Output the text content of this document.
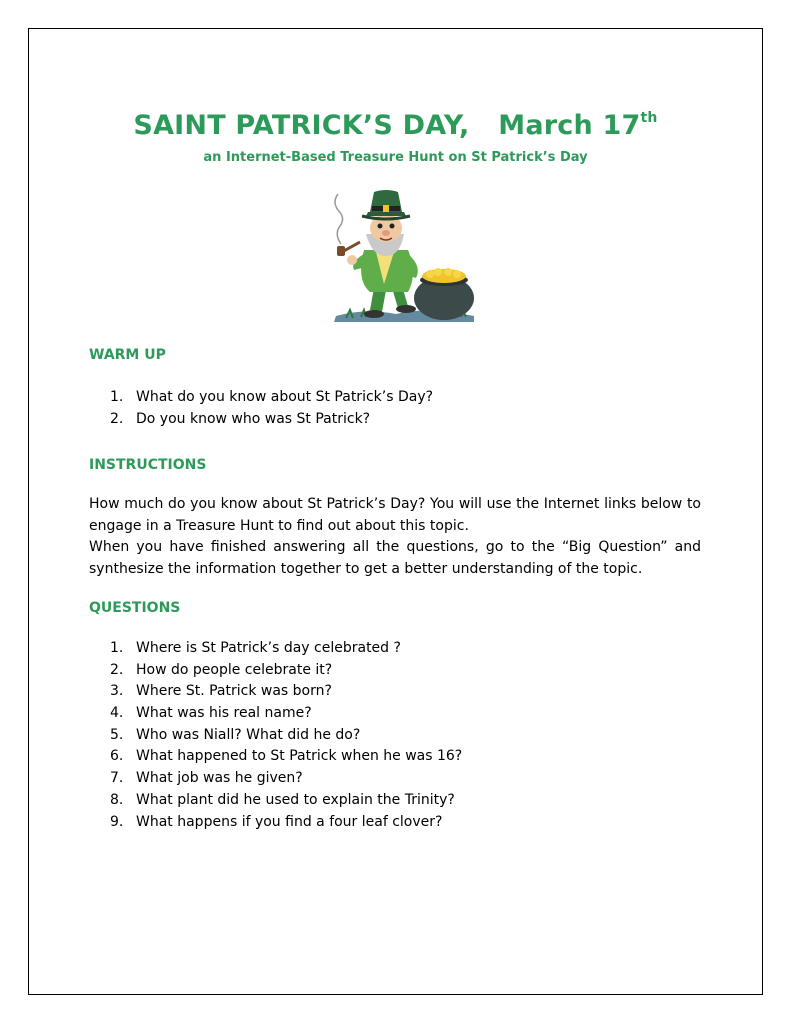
SAINT PATRICK’S DAY,   March 17th
an Internet-Based Treasure Hunt on St Patrick’s Day
WARM UP
1. What do you know about St Patrick’s Day?
2. Do you know who was St Patrick?
INSTRUCTIONS

How much do you know about St Patrick’s Day? You will use the Internet links below to engage in a Treasure Hunt to find out about this topic.

When you have finished answering all the questions, go to the “Big Question” and synthesize the information together to get a better understanding of the topic.

QUESTIONS
1. Where is St Patrick’s day celebrated ?
2. How do people celebrate it?
3. Where St. Patrick was born?
4. What was his real name?
5. Who was Niall? What did he do?
6. What happened to St Patrick when he was 16?
7. What job was he given?
8. What plant did he used to explain the Trinity?
9. What happens if you find a four leaf clover?
